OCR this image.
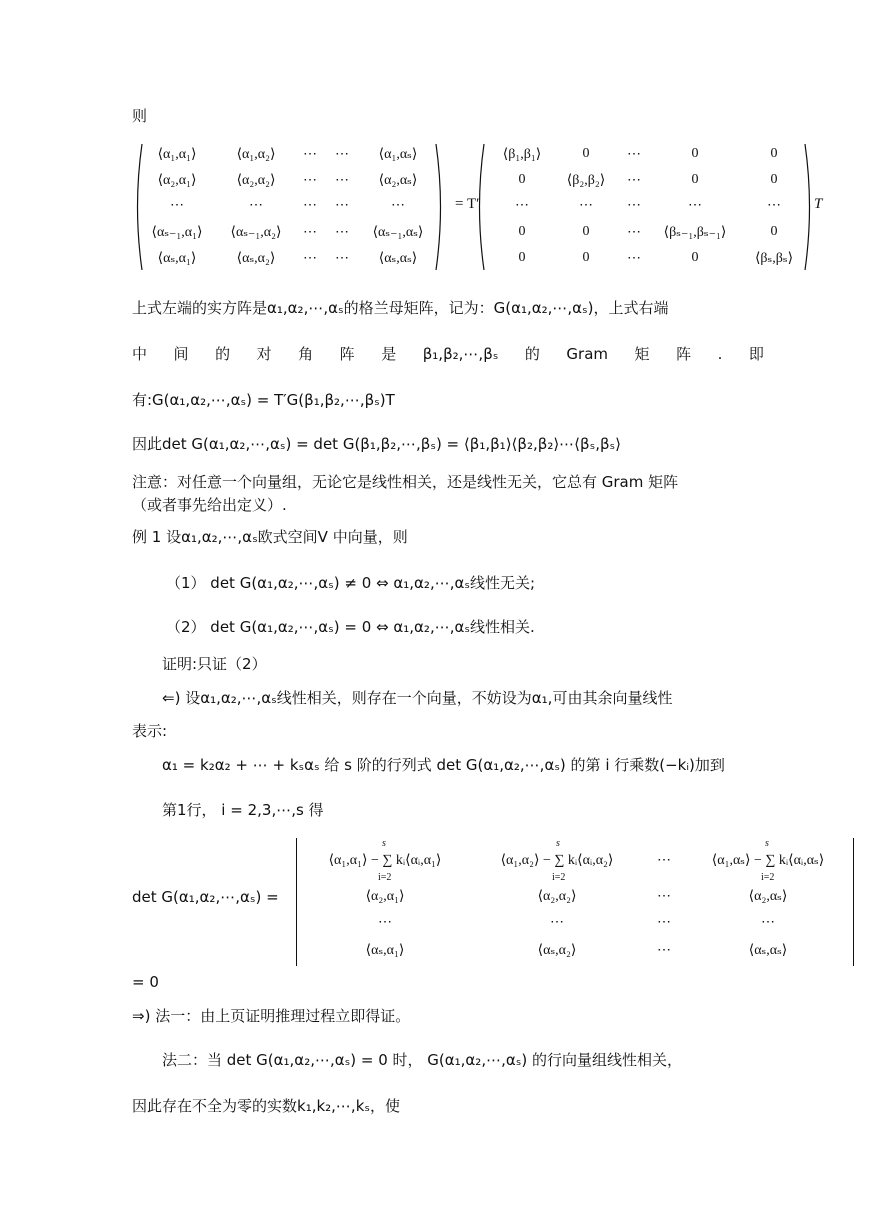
则
⟨α₁,α₁⟩	⟨α₁,α₂⟩	⋯	⋯	⟨α₁,αₛ⟩
⟨α₂,α₁⟩	⟨α₂,α₂⟩	⋯	⋯	⟨α₂,αₛ⟩
⋯	⋯	⋯	⋯	⋯
⟨αₛ₋₁,α₁⟩	⟨αₛ₋₁,α₂⟩	⋯	⋯	⟨αₛ₋₁,αₛ⟩
⟨αₛ,α₁⟩	⟨αₛ,α₂⟩	⋯	⋯	⟨αₛ,αₛ⟩
= T′
⟨β₁,β₁⟩	0	⋯	0	0
0	⟨β₂,β₂⟩	⋯	0	0
⋯	⋯	⋯	⋯	⋯
0	0	⋯	⟨βₛ₋₁,βₛ₋₁⟩	0
0	0	⋯	0	⟨βₛ,βₛ⟩
T
上式左端的实方阵是α₁,α₂,⋯,αₛ的格兰母矩阵，记为：G(α₁,α₂,⋯,αₛ)，上式右端
中 间 的 对 角 阵 是 β₁,β₂,⋯,βₛ 的 Gram 矩 阵 . 即
有:G(α₁,α₂,⋯,αₛ) = T′G(β₁,β₂,⋯,βₛ)T
因此det G(α₁,α₂,⋯,αₛ) = det G(β₁,β₂,⋯,βₛ) = ⟨β₁,β₁⟩⟨β₂,β₂⟩⋯⟨βₛ,βₛ⟩
注意：对任意一个向量组，无论它是线性相关，还是线性无关，它总有 Gram 矩阵
（或者事先给出定义）.
例 1 设α₁,α₂,⋯,αₛ欧式空间V 中向量，则
（1） det G(α₁,α₂,⋯,αₛ) ≠ 0 ⇔ α₁,α₂,⋯,αₛ线性无关;
（2） det G(α₁,α₂,⋯,αₛ) = 0 ⇔ α₁,α₂,⋯,αₛ线性相关.
证明:只证（2）
⇐) 设α₁,α₂,⋯,αₛ线性相关，则存在一个向量，不妨设为α₁,可由其余向量线性
表示:
α₁ = k₂α₂ + ⋯ + kₛαₛ 给 s 阶的行列式 det G(α₁,α₂,⋯,αₛ) 的第 i 行乘数(−kᵢ)加到
第1行， i = 2,3,⋯,s 得
det G(α₁,α₂,⋯,αₛ) =
⟨α₁,α₁⟩ − ∑ kᵢ⟨αᵢ,α₁⟩	⟨α₁,α₂⟩ − ∑ kᵢ⟨αᵢ,α₂⟩	⋯	⟨α₁,αₛ⟩ − ∑ kᵢ⟨αᵢ,αₛ⟩
⟨α₂,α₁⟩	⟨α₂,α₂⟩	⋯	⟨α₂,αₛ⟩
⋯	⋯	⋯	⋯
⟨αₛ,α₁⟩	⟨αₛ,α₂⟩	⋯	⟨αₛ,αₛ⟩
s
i=2
s
i=2
s
i=2
= 0
⇒) 法一：由上页证明推理过程立即得证。
法二：当 det G(α₁,α₂,⋯,αₛ) = 0 时， G(α₁,α₂,⋯,αₛ) 的行向量组线性相关，
因此存在不全为零的实数k₁,k₂,⋯,kₛ，使
